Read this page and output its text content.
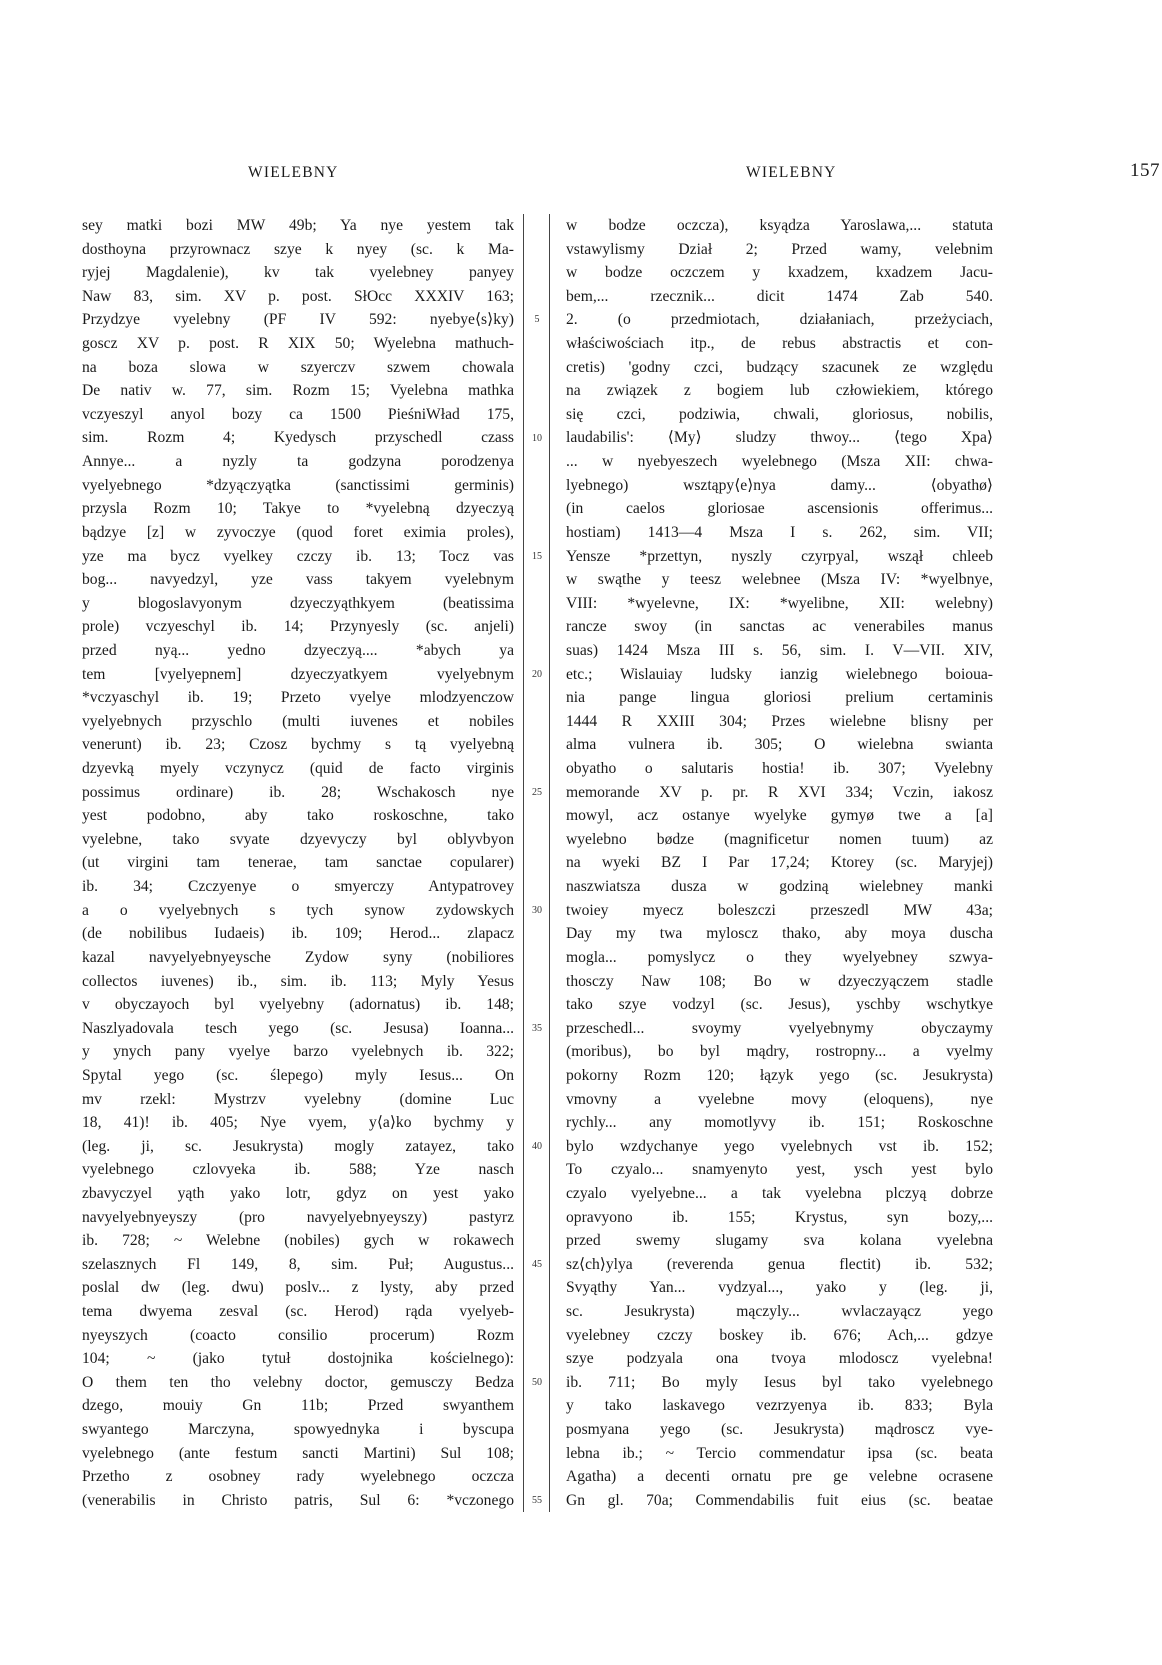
WIELEBNY	WIELEBNY	157
sey matki bozi MW 49b; Ya nye yestem tak
dosthoyna przyrownacz szye k nyey (sc. k Ma-
ryjej Magdalenie), kv tak vyelebney panyey
Naw 83, sim. XV p. post. SłOcc XXXIV 163;
Przydzye vyelebny (PF IV 592: nyebye⟨s⟩ky)
goscz XV p. post. R XIX 50; Wyelebna mathuch-
na boza slowa w szyerczv szwem chowala
De nativ w. 77, sim. Rozm 15; Vyelebna mathka
vczyeszyl anyol bozy ca 1500 PieśniWład 175,
sim. Rozm 4; Kyedysch przyschedl czass
Annye... a nyzly ta godzyna porodzenya
vyelyebnego *dzyączyątka (sanctissimi germinis)
przysla Rozm 10; Takye to *vyelebną dzyeczyą
bądzye [z] w zyvoczye (quod foret eximia proles),
yze ma bycz vyelkey czczy ib. 13; Tocz vas
bog... navyedzyl, yze vass takyem vyelebnym
y blogoslavyonym dzyeczyąthkyem (beatissima
prole) vczyeschyl ib. 14; Przynyesly (sc. anjeli)
przed nyą... yedno dzyeczyą.... *abych ya
tem [vyelyepnem] dzyeczyatkyem vyelyebnym
*vczyaschyl ib. 19; Przeto vyelye mlodzyenczow
vyelyebnych przyschlo (multi iuvenes et nobiles
venerunt) ib. 23; Czosz bychmy s tą vyelyebną
dzyevką myely vczynycz (quid de facto virginis
possimus ordinare) ib. 28; Wschakosch nye
yest podobno, aby tako roskoschne, tako
vyelebne, tako svyate dzyevyczy byl oblyvbyon
(ut virgini tam tenerae, tam sanctae copularer)
ib. 34; Czczyenye o smyerczy Antypatrovey
a o vyelyebnych s tych synow zydowskych
(de nobilibus Iudaeis) ib. 109; Herod... zlapacz
kazal navyelyebnyeysche Zydow syny (nobiliores
collectos iuvenes) ib., sim. ib. 113; Myly Yesus
v obyczayoch byl vyelyebny (adornatus) ib. 148;
Naszlyadovala tesch yego (sc. Jesusa) Ioanna...
y ynych pany vyelye barzo vyelebnych ib. 322;
Spytal yego (sc. ślepego) myly Iesus... On
mv rzekl: Mystrzv vyelebny (domine Luc
18, 41)! ib. 405; Nye vyem, y⟨a⟩ko bychmy y
(leg. ji, sc. Jesukrysta) mogly zatayez, tako
vyelebnego czlovyeka ib. 588; Yze nasch
zbavyczyel yąth yako lotr, gdyz on yest yako
navyelyebnyeyszy (pro navyelyebnyeyszy) pastyrz
ib. 728; ~ Welebne (nobiles) gych w rokawech
szelasznych Fl 149, 8, sim. Puł; Augustus...
poslal dw (leg. dwu) poslv... z lysty, aby przed
tema dwyema zesval (sc. Herod) rąda vyelyeb-
nyeyszych (coacto consilio procerum) Rozm
104; ~ (jako tytuł dostojnika kościelnego):
O them ten tho velebny doctor, gemusczy Bedza
dzego, mouiy Gn 11b; Przed swyanthem
swyantego Marczyna, spowyednyka i byscupa
vyelebnego (ante festum sancti Martini) Sul 108;
Przetho z osobney rady wyelebnego oczcza
(venerabilis in Christo patris, Sul 6: *vczonego
5
10
15
20
25
30
35
40
45
50
55
w bodze oczcza), ksyądza Yaroslawa,... statuta
vstawylismy Dział 2; Przed wamy, velebnim
w bodze oczczem y kxadzem, kxadzem Jacu-
bem,... rzecznik... dicit 1474 Zab 540.
2. (o przedmiotach, działaniach, przeżyciach,
właściwościach itp., de rebus abstractis et con-
cretis) 'godny czci, budzący szacunek ze względu
na związek z bogiem lub człowiekiem, którego
się czci, podziwia, chwali, gloriosus, nobilis,
laudabilis': ⟨My⟩ sludzy thwoy... ⟨tego Xpa⟩
... w nyebyeszech wyelebnego (Msza XII: chwa-
lyebnego) wsztąpy⟨e⟩nya damy... ⟨obyathø⟩
(in caelos gloriosae ascensionis offerimus...
hostiam) 1413—4 Msza I s. 262, sim. VII;
Yensze *przettyn, nyszly czyrpyal, wszął chleeb
w swąthe y teesz welebnee (Msza IV: *wyelbnye,
VIII: *wyelevne, IX: *wyelibne, XII: welebny)
rancze swoy (in sanctas ac venerabiles manus
suas) 1424 Msza III s. 56, sim. I. V—VII. XIV,
etc.; Wislauiay ludsky ianzig wielebnego boiouа-
nia pange lingua gloriosi prelium certaminis
1444 R XXIII 304; Przes wielebne blisny per
alma vulnera ib. 305; O wielebna swianta
obyatho o salutaris hostia! ib. 307; Vyelebny
memorande XV p. pr. R XVI 334; Vczin, iakosz
mowyl, acz ostanye wyelyke gymyø twe a [a]
wyelebno bødze (magnificetur nomen tuum) az
na wyeki BZ I Par 17,24; Ktorey (sc. Maryjej)
naszwiatsza dusza w godziną wielebney manki
twoiey myecz boleszczi przeszedl MW 43a;
Day my twa myloscz thako, aby moya duscha
mogla... pomyslycz o they wyelyebney szwya-
thosczy Naw 108; Bo w dzyeczyączem stadle
tako szye vodzyl (sc. Jesus), yschby wschytkye
przeschedl... svoymy vyelyebnymy obyczaymy
(moribus), bo byl mądry, rostropny... a vyelmy
pokorny Rozm 120; łązyk yego (sc. Jesukrysta)
vmovny a vyelebne movy (eloquens), nye
rychly... any momotlyvy ib. 151; Roskoschne
bylo wzdychanye yego vyelebnych vst ib. 152;
To czyalo... snamyenyto yest, ysch yest bylo
czyalo vyelyebne... a tak vyelebna plczyą dobrze
opravyono ib. 155; Krystus, syn bozy,...
przed swemy slugamy sva kolana vyelebna
sz⟨ch⟩ylya (reverenda genua flectit) ib. 532;
Svyąthy Yan... vydzyal..., yako y (leg. ji,
sc. Jesukrysta) mączyly... wvlaczayącz yego
vyelebney czczy boskey ib. 676; Ach,... gdzye
szye podzyala ona tvoya mlodoscz vyelebna!
ib. 711; Bo myly Iesus byl tako vyelebnego
y tako laskavego vezrzyenya ib. 833; Byla
posmyana yego (sc. Jesukrysta) mądroscz vye-
lebna ib.; ~ Tercio commendatur ipsa (sc. beata
Agatha) a decenti ornatu pre ge velebne ocrasene
Gn gl. 70a; Commendabilis fuit eius (sc. beatae
